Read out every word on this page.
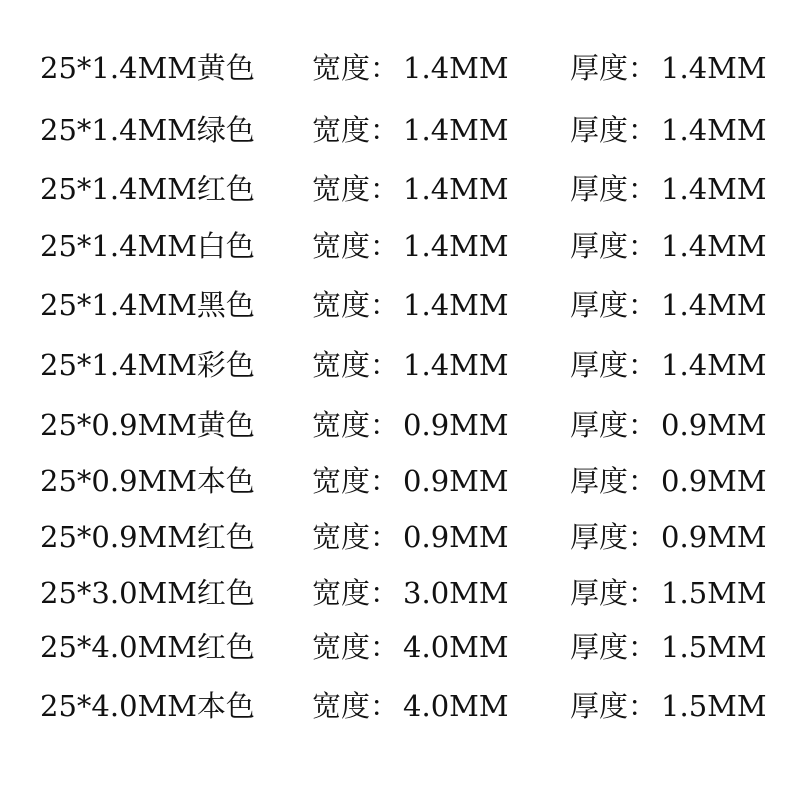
25*1.4MM黄色 宽度： 1.4MM 厚度： 1.4MM
25*1.4MM绿色 宽度： 1.4MM 厚度： 1.4MM
25*1.4MM红色 宽度： 1.4MM 厚度： 1.4MM
25*1.4MM白色 宽度： 1.4MM 厚度： 1.4MM
25*1.4MM黑色 宽度： 1.4MM 厚度： 1.4MM
25*1.4MM彩色 宽度： 1.4MM 厚度： 1.4MM
25*0.9MM黄色 宽度： 0.9MM 厚度： 0.9MM
25*0.9MM本色 宽度： 0.9MM 厚度： 0.9MM
25*0.9MM红色 宽度： 0.9MM 厚度： 0.9MM
25*3.0MM红色 宽度： 3.0MM 厚度： 1.5MM
25*4.0MM红色 宽度： 4.0MM 厚度： 1.5MM
25*4.0MM本色 宽度： 4.0MM 厚度： 1.5MM
